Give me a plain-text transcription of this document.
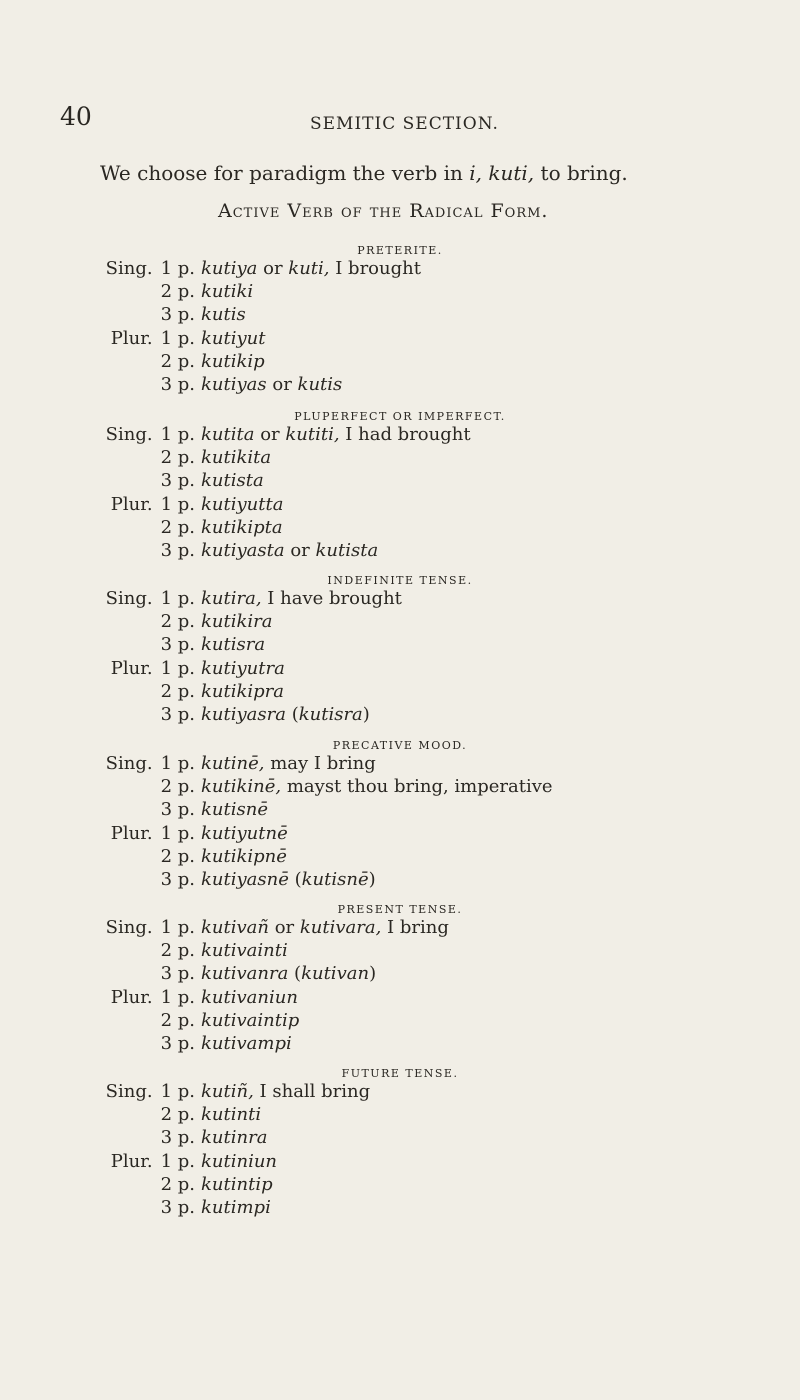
40	SEMITIC SECTION.
We choose for paradigm the verb in i, kuti, to bring.
Active Verb of the Radical Form.
PRETERITE.
Sing. 1 p. kutiya or kuti, I brought
2 p. kutiki
3 p. kutis
Plur. 1 p. kutiyut
2 p. kutikip
3 p. kutiyas or kutis
PLUPERFECT OR IMPERFECT.
Sing. 1 p. kutita or kutiti, I had brought
2 p. kutikita
3 p. kutista
Plur. 1 p. kutiyutta
2 p. kutikipta
3 p. kutiyasta or kutista
INDEFINITE TENSE.
Sing. 1 p. kutira, I have brought
2 p. kutikira
3 p. kutisra
Plur. 1 p. kutiyutra
2 p. kutikipra
3 p. kutiyasra (kutisra)
PRECATIVE MOOD.
Sing. 1 p. kutinē, may I bring
2 p. kutikinē, mayst thou bring, imperative
3 p. kutisnē
Plur. 1 p. kutiyutnē
2 p. kutikipnē
3 p. kutiyasnē (kutisnē)
PRESENT TENSE.
Sing. 1 p. kutivañ or kutivara, I bring
2 p. kutivainti
3 p. kutivanra (kutivan)
Plur. 1 p. kutivaniun
2 p. kutivaintip
3 p. kutivampi
FUTURE TENSE.
Sing. 1 p. kutiñ, I shall bring
2 p. kutinti
3 p. kutinra
Plur. 1 p. kutiniun
2 p. kutintip
3 p. kutimpi
